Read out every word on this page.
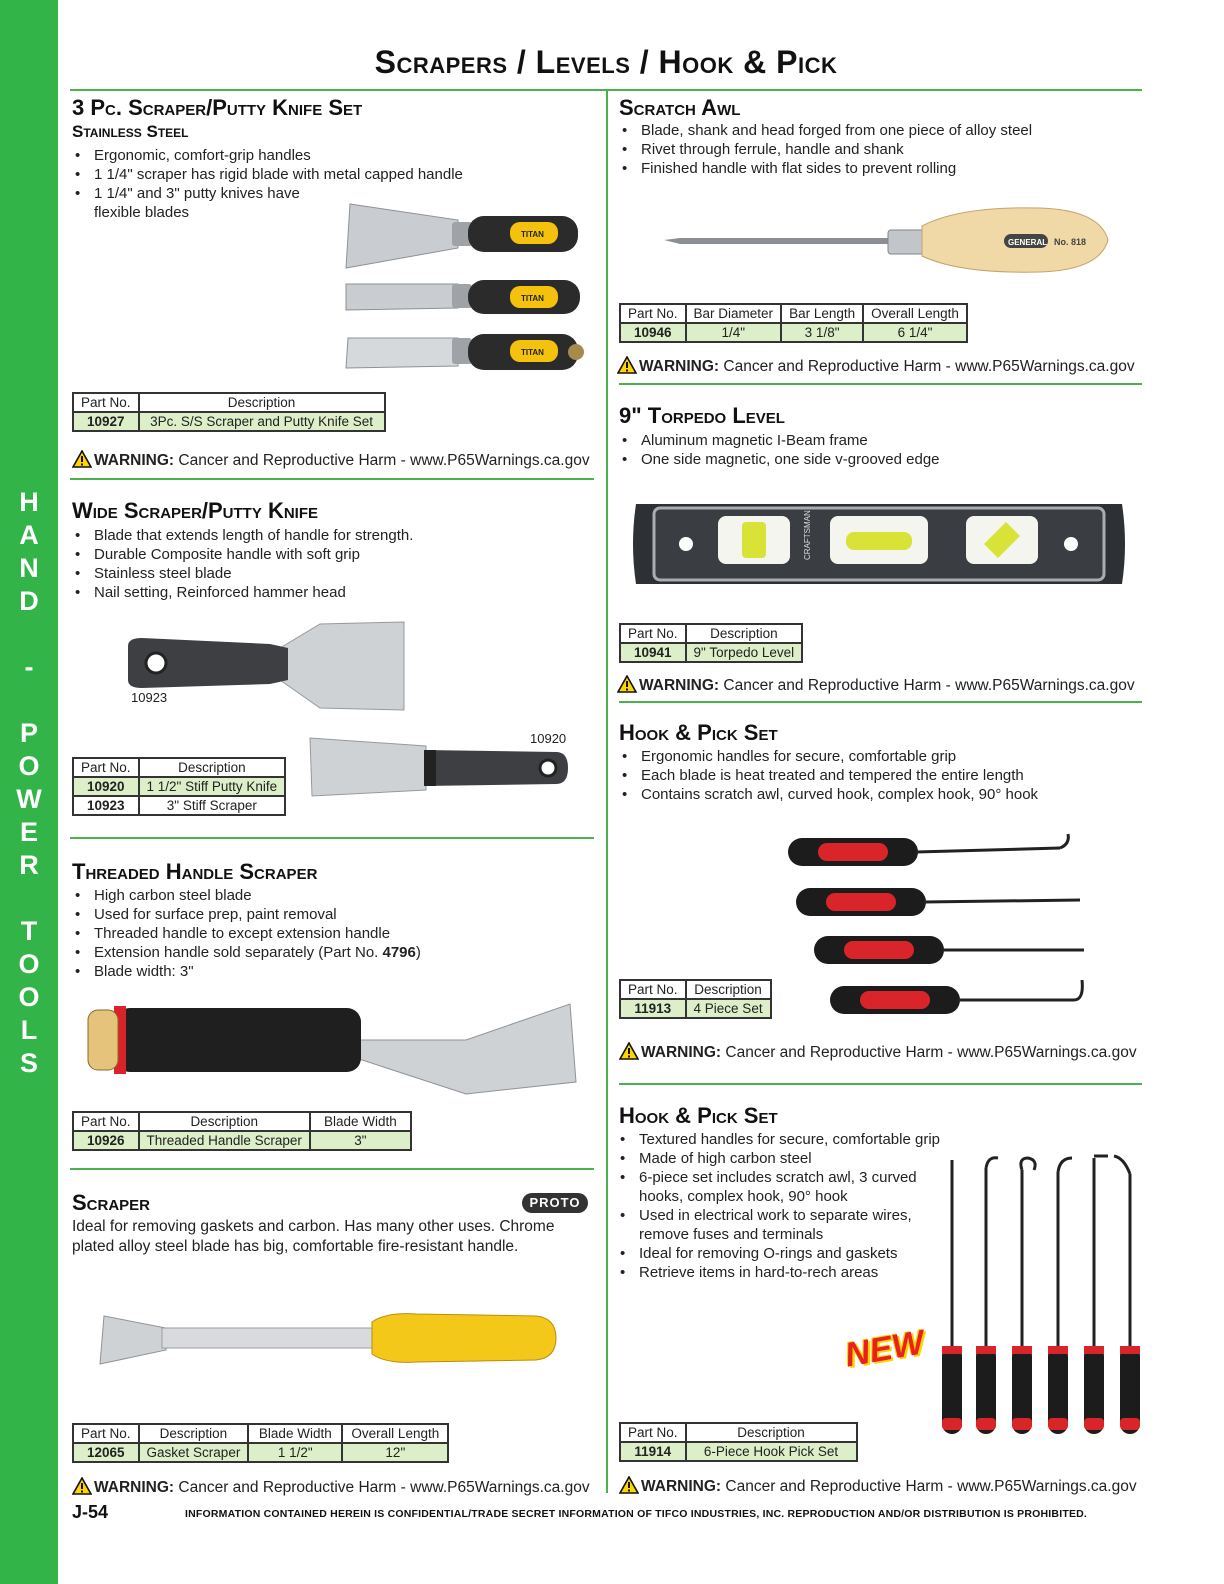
H
A
N
D
-
P
O
W
E
R
T
O
O
L
S
Scrapers / Levels / Hook & Pick
3 Pc. Scraper/Putty Knife Set
Stainless Steel
• Ergonomic, comfort-grip handles
• 1 1/4" scraper has rigid blade with metal capped handle
• 1 1/4" and 3" putty knives have flexible blades
TITAN
TITAN
TITAN
Part No.	Description
10927	3Pc. S/S Scraper and Putty Knife Set
WARNING: Cancer and Reproductive Harm - www.P65Warnings.ca.gov
Wide Scraper/Putty Knife
• Blade that extends length of handle for strength.
• Durable Composite handle with soft grip
• Stainless steel blade
• Nail setting, Reinforced hammer head
10923
10920
Part No.	Description
10920	1 1/2" Stiff Putty Knife
10923	3" Stiff Scraper
Threaded Handle Scraper
• High carbon steel blade
• Used for surface prep, paint removal
• Threaded handle to except extension handle
• Extension handle sold separately (Part No. 4796)
• Blade width: 3"
Part No.	Description	Blade Width
10926	Threaded Handle Scraper	3"
Scraper	PROTO
Ideal for removing gaskets and carbon. Has many other uses. Chrome plated alloy steel blade has big, comfortable fire-resistant handle.
Part No.	Description	Blade Width	Overall Length
12065	Gasket Scraper	1 1/2"	12"
WARNING: Cancer and Reproductive Harm - www.P65Warnings.ca.gov
Scratch Awl
• Blade, shank and head forged from one piece of alloy steel
• Rivet through ferrule, handle and shank
• Finished handle with flat sides to prevent rolling
GENERAL No. 818
Part No.	Bar Diameter	Bar Length	Overall Length
10946	1/4"	3 1/8"	6 1/4"
WARNING: Cancer and Reproductive Harm - www.P65Warnings.ca.gov
9" Torpedo Level
• Aluminum magnetic I-Beam frame
• One side magnetic, one side v-grooved edge
CRAFTSMAN
Part No.	Description
10941	9" Torpedo Level
WARNING: Cancer and Reproductive Harm - www.P65Warnings.ca.gov
Hook & Pick Set
• Ergonomic handles for secure, comfortable grip
• Each blade is heat treated and tempered the entire length
• Contains scratch awl, curved hook, complex hook, 90° hook
Part No.	Description
11913	4 Piece Set
WARNING: Cancer and Reproductive Harm - www.P65Warnings.ca.gov
Hook & Pick Set
• Textured handles for secure, comfortable grip
• Made of high carbon steel
• 6-piece set includes scratch awl, 3 curved hooks, complex hook, 90° hook
• Used in electrical work to separate wires, remove fuses and terminals
• Ideal for removing O-rings and gaskets
• Retrieve items in hard-to-rech areas
NEW
Part No.	Description
11914	6-Piece Hook Pick Set
WARNING: Cancer and Reproductive Harm - www.P65Warnings.ca.gov
J-54	INFORMATION CONTAINED HEREIN IS CONFIDENTIAL/TRADE SECRET INFORMATION OF TIFCO INDUSTRIES, INC. REPRODUCTION AND/OR DISTRIBUTION IS PROHIBITED.
